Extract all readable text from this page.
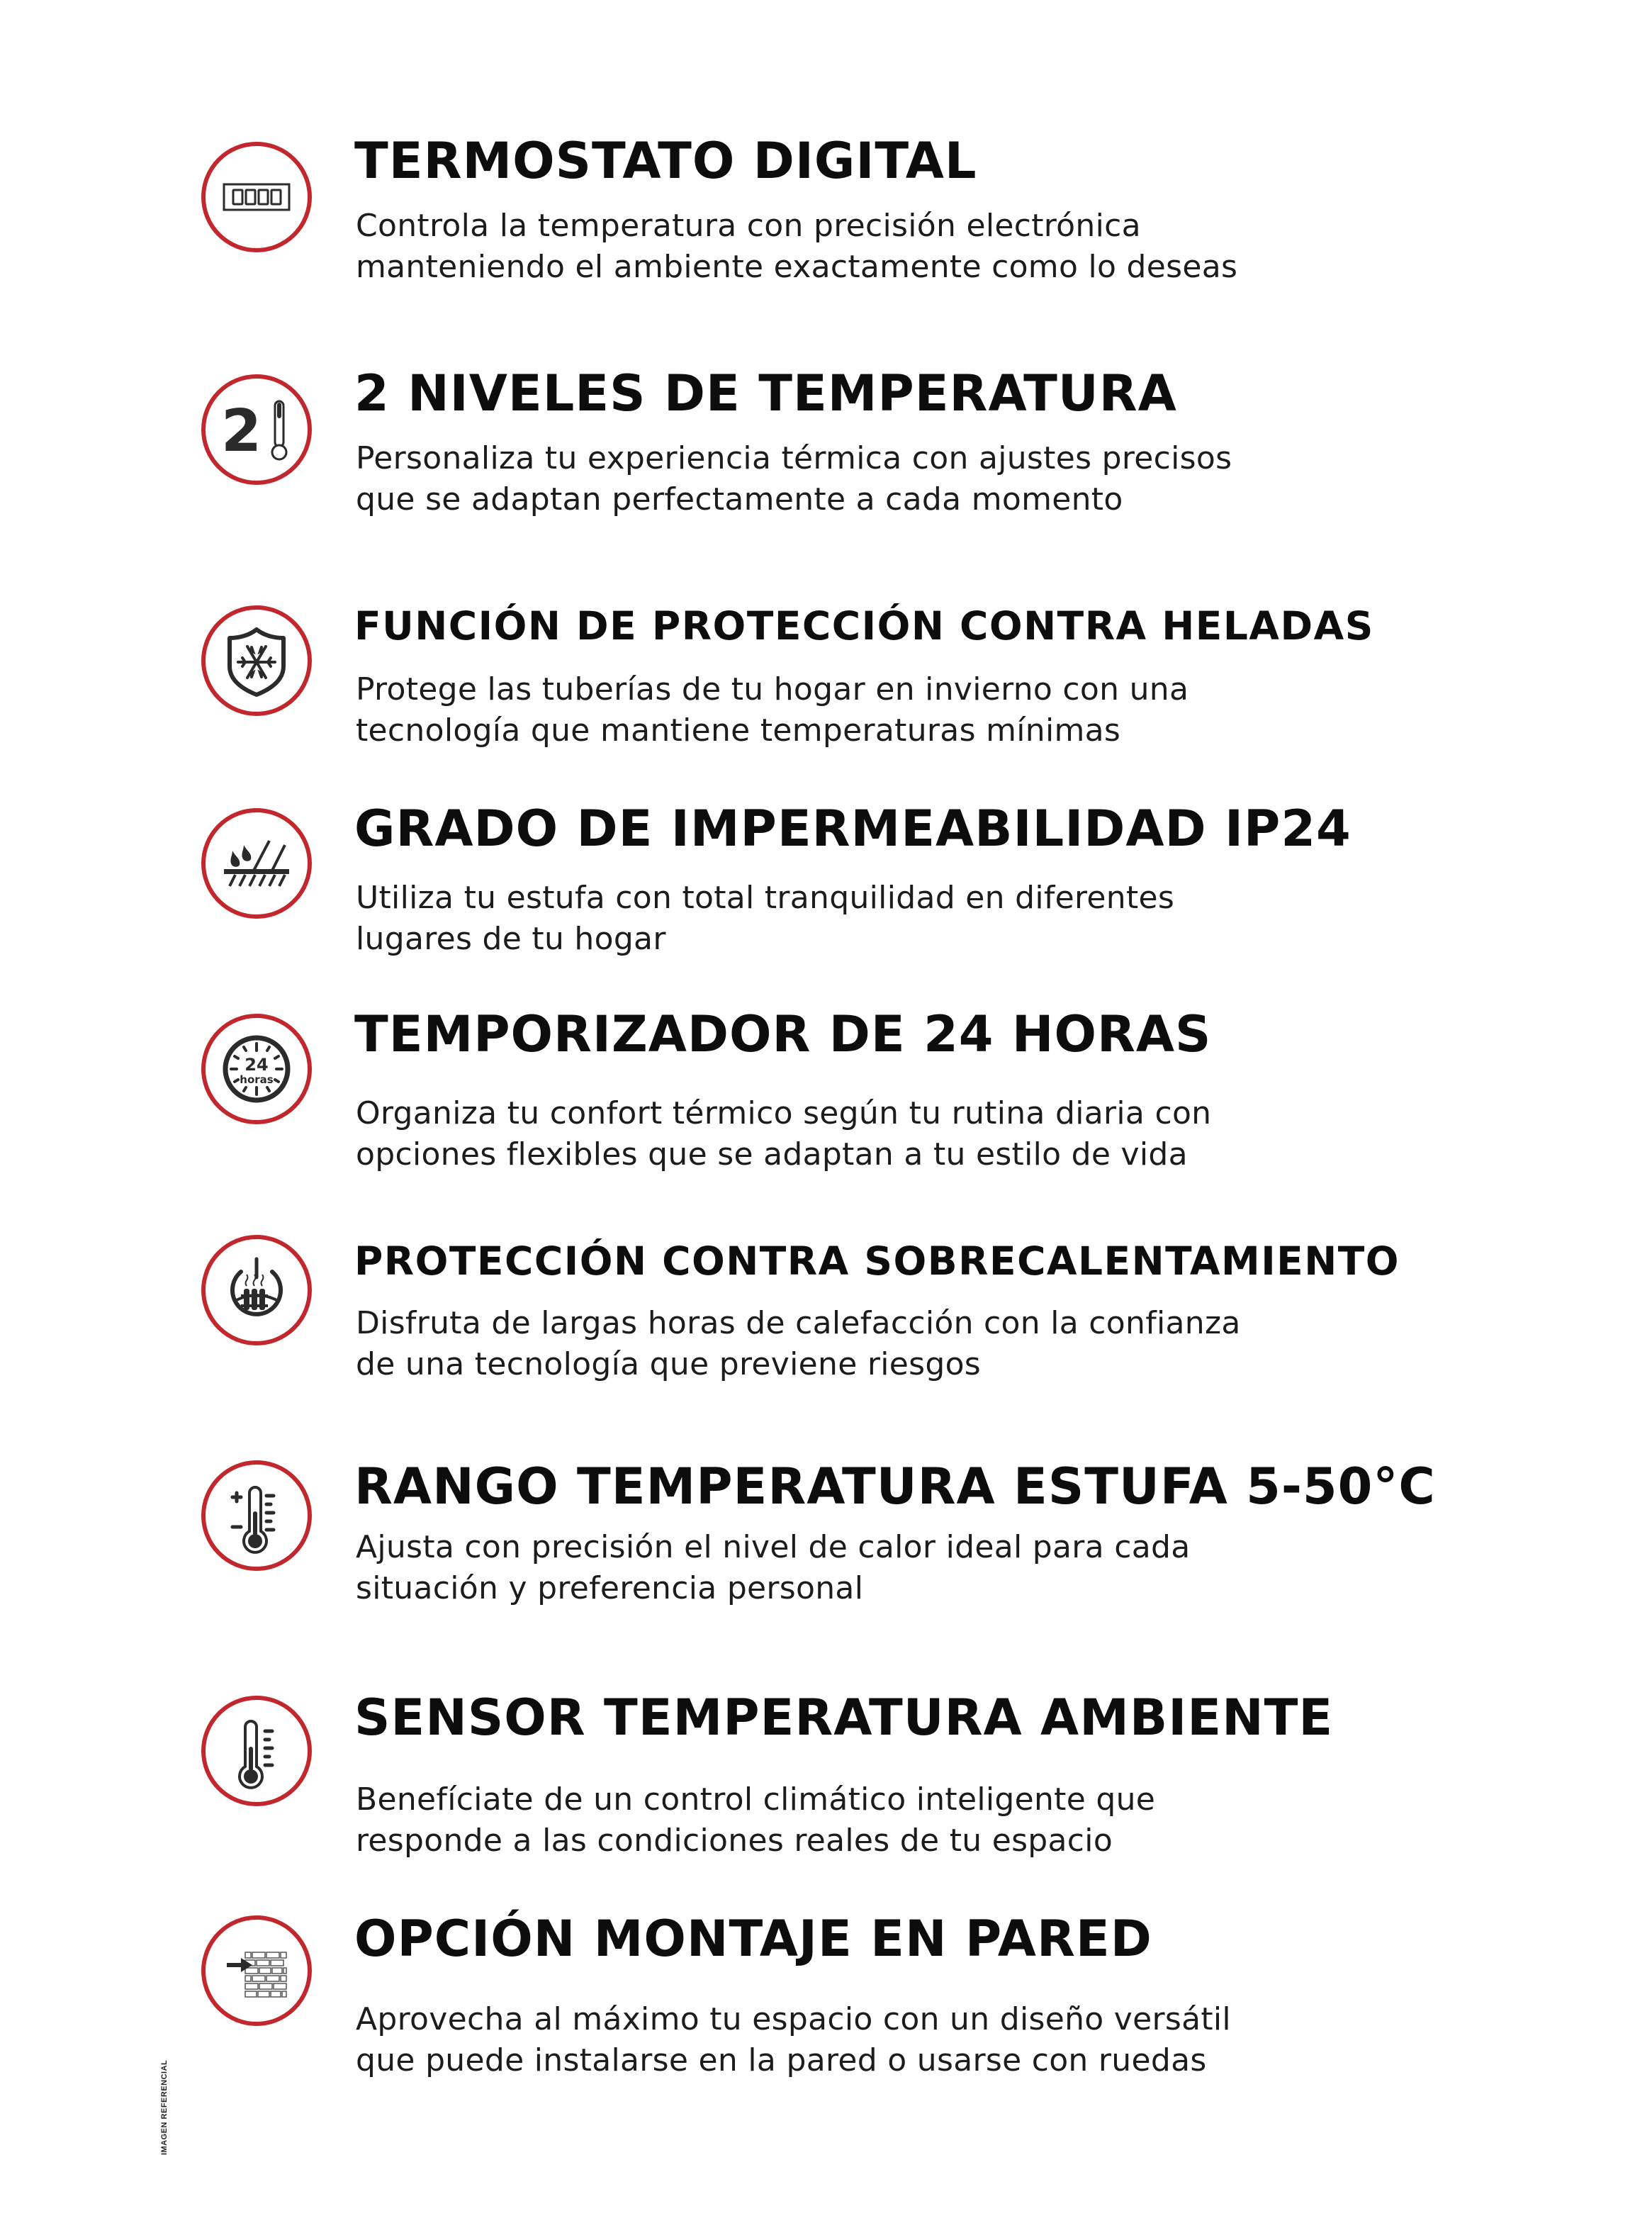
TERMOSTATO DIGITAL

Controla la temperatura con precisión electrónica
manteniendo el ambiente exactamente como lo deseas

2
2 NIVELES DE TEMPERATURA

Personaliza tu experiencia térmica con ajustes precisos
que se adaptan perfectamente a cada momento

FUNCIÓN DE PROTECCIÓN CONTRA HELADAS

Protege las tuberías de tu hogar en invierno con una
tecnología que mantiene temperaturas mínimas

GRADO DE IMPERMEABILIDAD IP24

Utiliza tu estufa con total tranquilidad en diferentes
lugares de tu hogar

24
horas
TEMPORIZADOR DE 24 HORAS

Organiza tu confort térmico según tu rutina diaria con
opciones flexibles que se adaptan a tu estilo de vida

PROTECCIÓN CONTRA SOBRECALENTAMIENTO

Disfruta de largas horas de calefacción con la confianza
de una tecnología que previene riesgos

RANGO TEMPERATURA ESTUFA 5-50°C

Ajusta con precisión el nivel de calor ideal para cada
situación y preferencia personal

SENSOR TEMPERATURA AMBIENTE

Benefíciate de un control climático inteligente que
responde a las condiciones reales de tu espacio

OPCIÓN MONTAJE EN PARED

Aprovecha al máximo tu espacio con un diseño versátil
que puede instalarse en la pared o usarse con ruedas

IMAGEN REFERENCIAL
